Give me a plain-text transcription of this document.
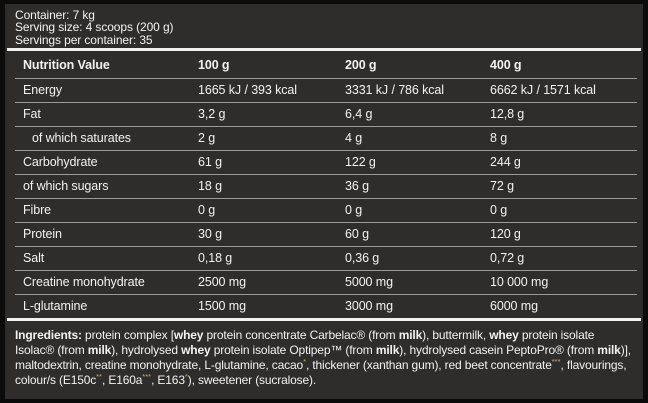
Container: 7 kg
Serving size: 4 scoops (200 g)
Servings per container: 35
Nutrition Value	100 g	200 g	400 g
Energy	1665 kJ / 393 kcal	3331 kJ / 786 kcal	6662 kJ / 1571 kcal
Fat	3,2 g	6,4 g	12,8 g
of which saturates	2 g	4 g	8 g
Carbohydrate	61 g	122 g	244 g
of which sugars	18 g	36 g	72 g
Fibre	0 g	0 g	0 g
Protein	30 g	60 g	120 g
Salt	0,18 g	0,36 g	0,72 g
Creatine monohydrate	2500 mg	5000 mg	10 000 mg
L-glutamine	1500 mg	3000 mg	6000 mg
Ingredients: protein complex [whey protein concentrate Carbelac® (from milk), buttermilk, whey protein isolate Isolac® (from milk), hydrolysed whey protein isolate Optipep™ (from milk), hydrolysed casein PeptoPro® (from milk)], maltodextrin, creatine monohydrate, L-glutamine, cacao*, thickener (xanthan gum), red beet concentrate***, flavourings, colour/s (E150c**, E160a***, E163*), sweetener (sucralose).
